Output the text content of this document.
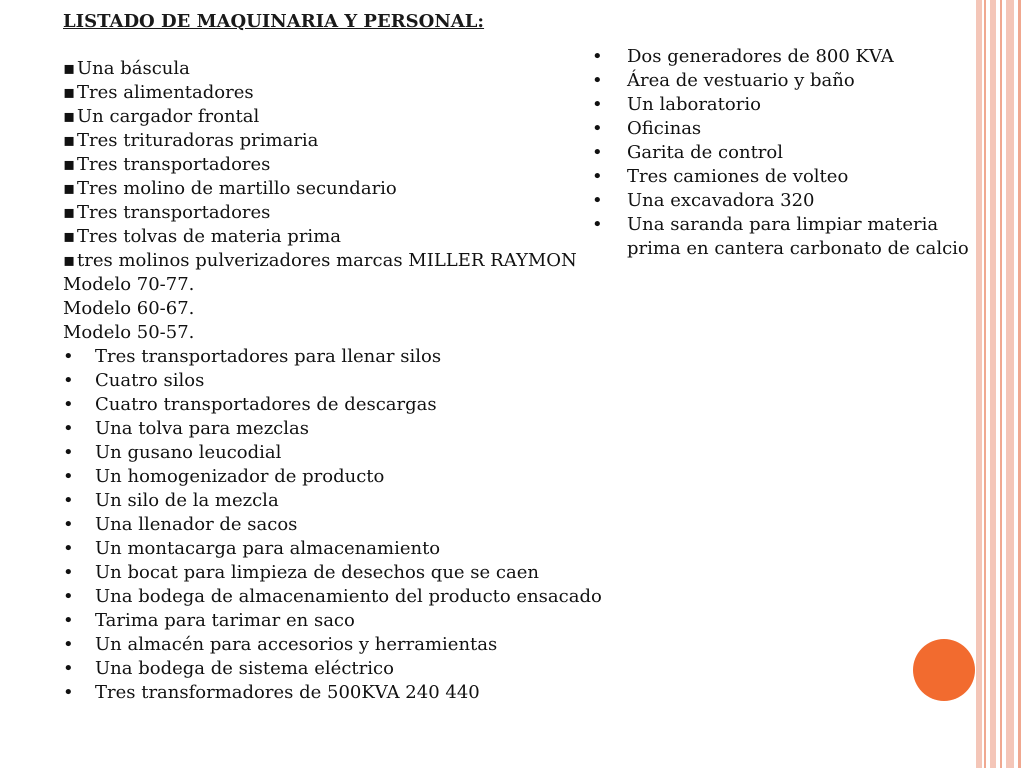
LISTADO DE MAQUINARIA Y PERSONAL:
▪Una báscula
▪Tres alimentadores
▪Un cargador frontal
▪Tres trituradoras primaria
▪Tres transportadores
▪Tres molino de martillo secundario
▪Tres transportadores
▪Tres tolvas de materia prima
▪tres molinos pulverizadores marcas MILLER RAYMON
Modelo 70-77.
Modelo 60-67.
Modelo 50-57.
• Tres transportadores para llenar silos
• Cuatro silos
• Cuatro transportadores de descargas
• Una tolva para mezclas
• Un gusano leucodial
• Un homogenizador de producto
• Un silo de la mezcla
• Una llenador de sacos
• Un montacarga para almacenamiento
• Un bocat para limpieza de desechos que se caen
• Una bodega de almacenamiento del producto ensacado
• Tarima para tarimar en saco
• Un almacén para accesorios y herramientas
• Una bodega de sistema eléctrico
• Tres transformadores de 500KVA 240 440
• Dos generadores de 800 KVA
• Área de vestuario y baño
• Un laboratorio
• Oficinas
• Garita de control
• Tres camiones de volteo
• Una excavadora 320
• Una saranda para limpiar materia
prima en cantera carbonato de calcio
